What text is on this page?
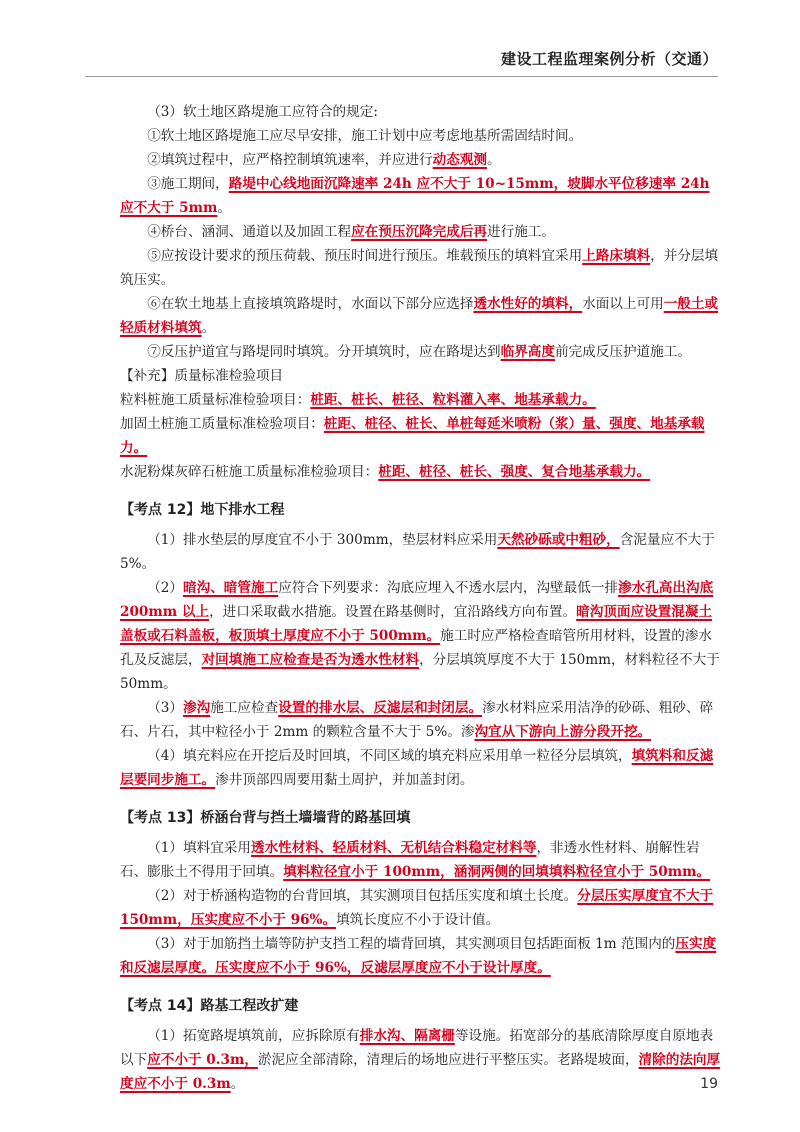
建设工程监理案例分析（交通）

（3）软土地区路堤施工应符合的规定:

①软土地区路堤施工应尽早安排，施工计划中应考虑地基所需固结时间。

②填筑过程中，应严格控制填筑速率，并应进行动态观测。

③施工期间，路堤中心线地面沉降速率 24h 应不大于 10~15mm，坡脚水平位移速率 24h 应不大于 5mm。

④桥台、涵洞、通道以及加固工程应在预压沉降完成后再进行施工。

⑤应按设计要求的预压荷载、预压时间进行预压。堆载预压的填料宜采用上路床填料，并分层填筑压实。

⑥在软土地基上直接填筑路堤时，水面以下部分应选择透水性好的填料，水面以上可用一般土或轻质材料填筑。

⑦反压护道宜与路堤同时填筑。分开填筑时，应在路堤达到临界高度前完成反压护道施工。

【补充】质量标准检验项目

粒料桩施工质量标准检验项目：桩距、桩长、桩径、粒料灌入率、地基承载力。

加固土桩施工质量标准检验项目：桩距、桩径、桩长、单桩每延米喷粉（浆）量、强度、地基承载力。

水泥粉煤灰碎石桩施工质量标准检验项目：桩距、桩径、桩长、强度、复合地基承载力。

【考点 12】地下排水工程

（1）排水垫层的厚度宜不小于 300mm，垫层材料应采用天然砂砾或中粗砂，含泥量应不大于 5%。

（2）暗沟、暗管施工应符合下列要求：沟底应埋入不透水层内，沟壁最低一排渗水孔高出沟底 200mm 以上，进口采取截水措施。设置在路基侧时，宜沿路线方向布置。暗沟顶面应设置混凝土盖板或石料盖板，板顶填土厚度应不小于 500mm。施工时应严格检查暗管所用材料，设置的渗水孔及反滤层，对回填施工应检查是否为透水性材料，分层填筑厚度不大于 150mm，材料粒径不大于 50mm。

（3）渗沟施工应检查设置的排水层、反滤层和封闭层。渗水材料应采用洁净的砂砾、粗砂、碎石、片石，其中粒径小于 2mm 的颗粒含量不大于 5%。渗沟宜从下游向上游分段开挖。

（4）填充料应在开挖后及时回填，不同区域的填充料应采用单一粒径分层填筑，填筑料和反滤层要同步施工。渗井顶部四周要用黏土周护，并加盖封闭。

【考点 13】桥涵台背与挡土墙墙背的路基回填

（1）填料宜采用透水性材料、轻质材料、无机结合料稳定材料等，非透水性材料、崩解性岩石、膨胀土不得用于回填。填料粒径宜小于 100mm，涵洞两侧的回填填料粒径宜小于 50mm。

（2）对于桥涵构造物的台背回填，其实测项目包括压实度和填土长度。分层压实厚度宜不大于 150mm，压实度应不小于 96%。填筑长度应不小于设计值。

（3）对于加筋挡土墙等防护支挡工程的墙背回填，其实测项目包括距面板 1m 范围内的压实度和反滤层厚度。压实度应不小于 96%，反滤层厚度应不小于设计厚度。

【考点 14】路基工程改扩建

（1）拓宽路堤填筑前，应拆除原有排水沟、隔离栅等设施。拓宽部分的基底清除厚度自原地表以下应不小于 0.3m，淤泥应全部清除，清理后的场地应进行平整压实。老路堤坡面，清除的法向厚度应不小于 0.3m。	19
